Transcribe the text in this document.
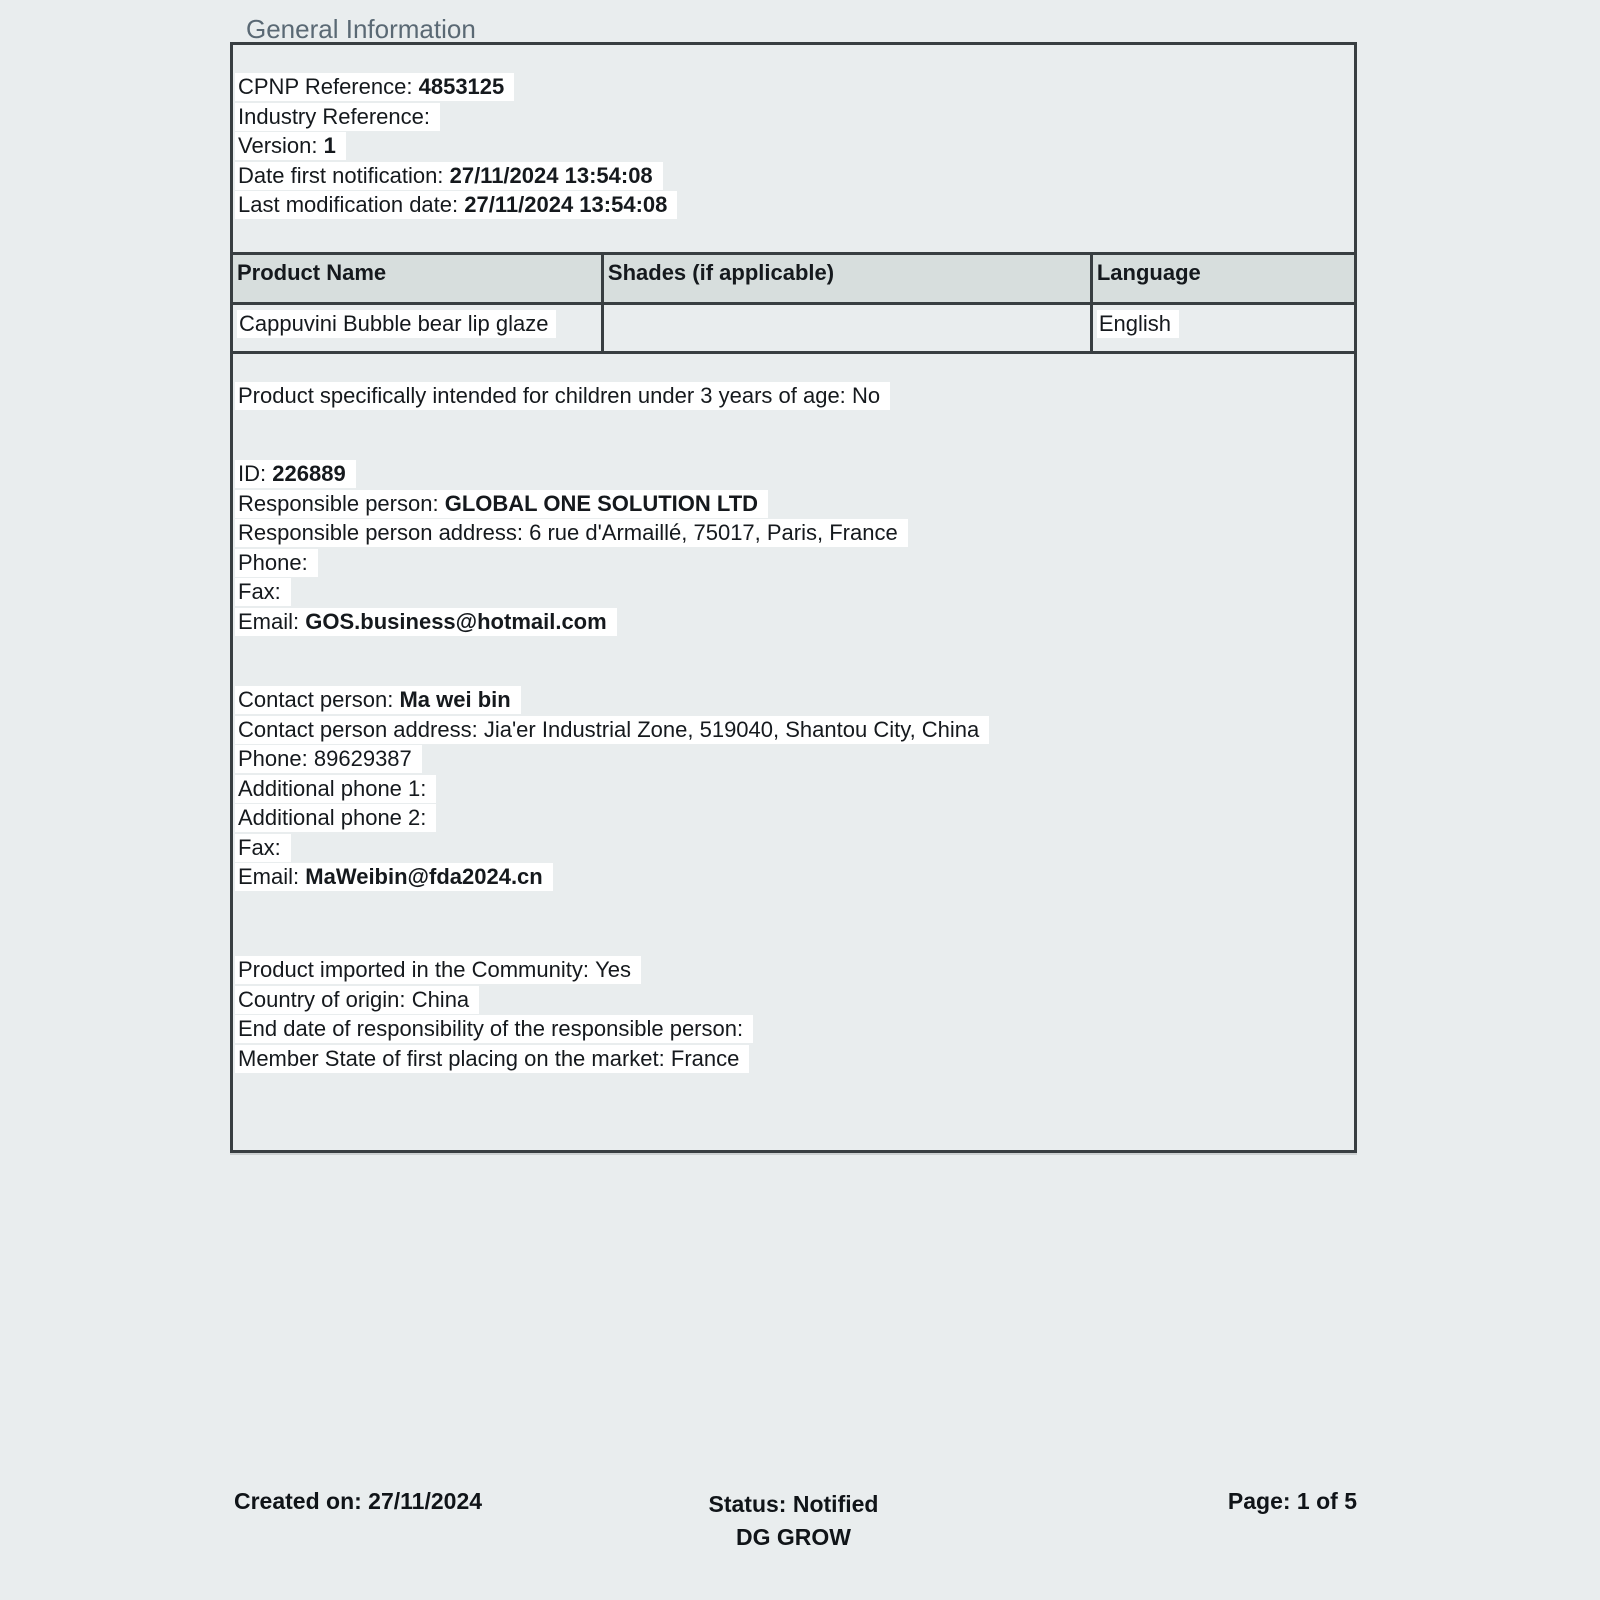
General Information
CPNP Reference: 4853125
Industry Reference:
Version: 1
Date first notification: 27/11/2024 13:54:08
Last modification date: 27/11/2024 13:54:08
Product Name	Shades (if applicable)	Language
Cappuvini Bubble bear lip glaze		English
Product specifically intended for children under 3 years of age: No
ID: 226889
Responsible person: GLOBAL ONE SOLUTION LTD
Responsible person address: 6 rue d'Armaillé, 75017, Paris, France
Phone:
Fax:
Email: GOS.business@hotmail.com
Contact person: Ma wei bin
Contact person address: Jia'er Industrial Zone, 519040, Shantou City, China
Phone: 89629387
Additional phone 1:
Additional phone 2:
Fax:
Email: MaWeibin@fda2024.cn
Product imported in the Community: Yes
Country of origin: China
End date of responsibility of the responsible person:
Member State of first placing on the market: France
Created on: 27/11/2024	Status: Notified
DG GROW
Page: 1 of 5
